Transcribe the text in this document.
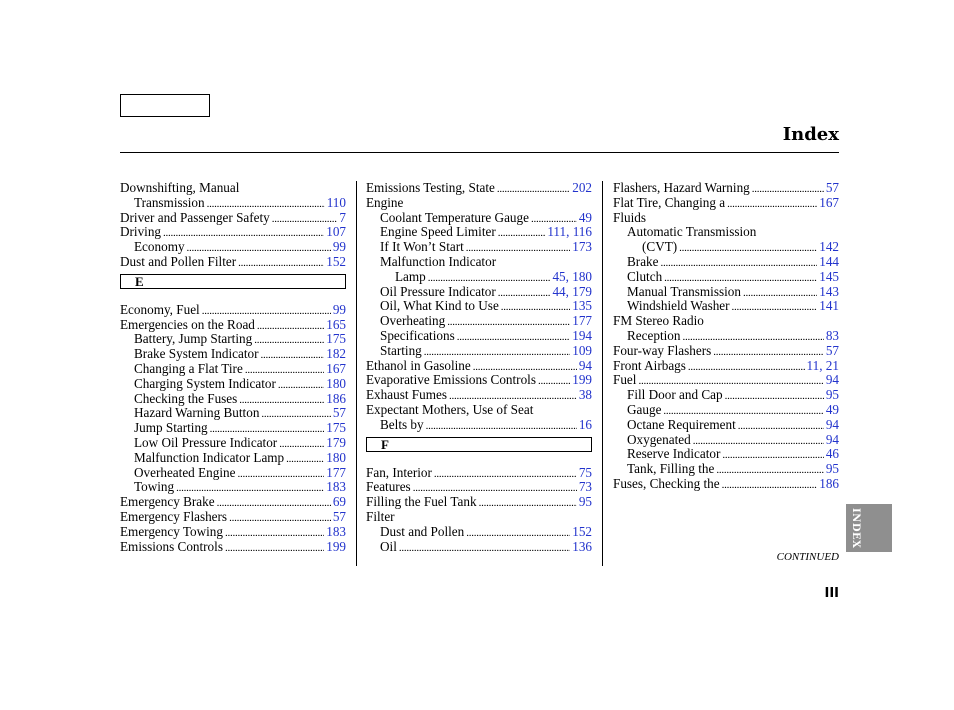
Index
Downshifting, Manual
Transmission . . .	110
Driver and Passenger Safety . . .	7
Driving . . .	107
Economy . . .	99
Dust and Pollen Filter . . .	152
E
Economy, Fuel . . .	99
Emergencies on the Road . . .	165
Battery, Jump Starting . . .	175
Brake System Indicator . . .	182
Changing a Flat Tire . . .	167
Charging System Indicator . . .	180
Checking the Fuses . . .	186
Hazard Warning Button . . .	57
Jump Starting . . .	175
Low Oil Pressure Indicator . . .	179
Malfunction Indicator Lamp . . .	180
Overheated Engine . . .	177
Towing . . .	183
Emergency Brake . . .	69
Emergency Flashers . . .	57
Emergency Towing . . .	183
Emissions Controls . . .	199
Emissions Testing, State . . .	202
Engine
Coolant Temperature Gauge . . .	49
Engine Speed Limiter . . .	111, 116
If It Won’t Start . . .	173
Malfunction Indicator
Lamp . . .	45, 180
Oil Pressure Indicator . . .	44, 179
Oil, What Kind to Use . . .	135
Overheating . . .	177
Specifications . . .	194
Starting . . .	109
Ethanol in Gasoline . . .	94
Evaporative Emissions Controls . . .	199
Exhaust Fumes . . .	38
Expectant Mothers, Use of Seat
Belts by . . .	16
F
Fan, Interior . . .	75
Features . . .	73
Filling the Fuel Tank . . .	95
Filter
Dust and Pollen . . .	152
Oil . . .	136
Flashers, Hazard Warning . . .	57
Flat Tire, Changing a . . .	167
Fluids
Automatic Transmission
(CVT) . . .	142
Brake . . .	144
Clutch . . .	145
Manual Transmission . . .	143
Windshield Washer . . .	141
FM Stereo Radio
Reception . . .	83
Four-way Flashers . . .	57
Front Airbags . . .	11, 21
Fuel . . .	94
Fill Door and Cap . . .	95
Gauge . . .	49
Octane Requirement . . .	94
Oxygenated . . .	94
Reserve Indicator . . .	46
Tank, Filling the . . .	95
Fuses, Checking the . . .	186
INDEX
CONTINUED
III
